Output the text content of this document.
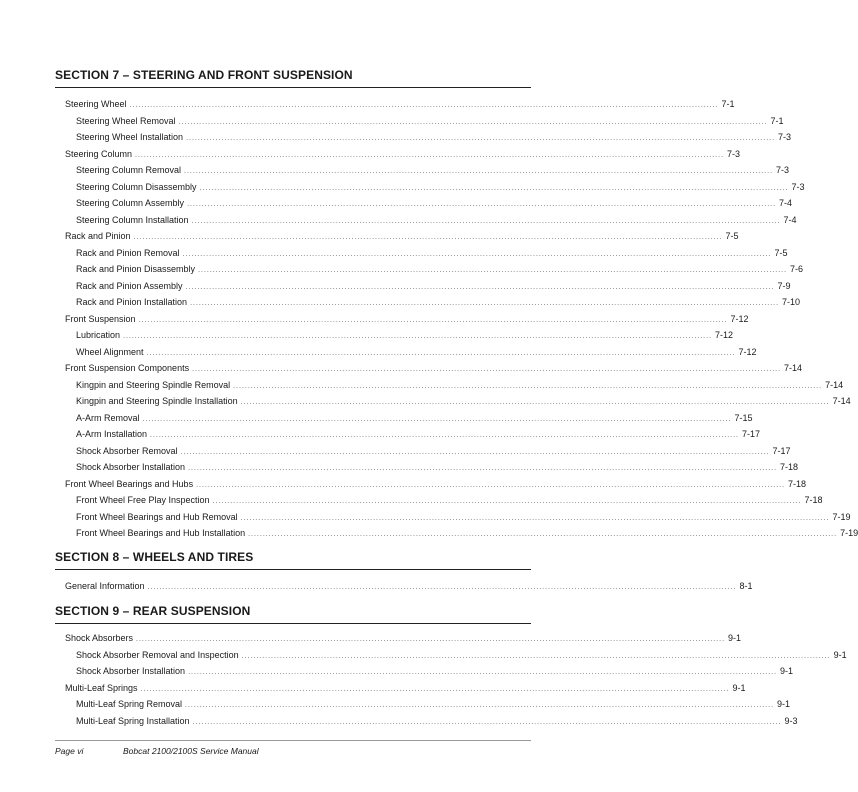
SECTION 7 – STEERING AND FRONT SUSPENSION
Steering Wheel ........................................................................................................................................................................................................ 7-1
Steering Wheel Removal ........................................................................................................................................................................................................ 7-1
Steering Wheel Installation ........................................................................................................................................................................................................ 7-3
Steering Column ........................................................................................................................................................................................................ 7-3
Steering Column Removal ........................................................................................................................................................................................................ 7-3
Steering Column Disassembly ........................................................................................................................................................................................................ 7-3
Steering Column Assembly ........................................................................................................................................................................................................ 7-4
Steering Column Installation ........................................................................................................................................................................................................ 7-4
Rack and Pinion ........................................................................................................................................................................................................ 7-5
Rack and Pinion Removal ........................................................................................................................................................................................................ 7-5
Rack and Pinion Disassembly ........................................................................................................................................................................................................ 7-6
Rack and Pinion Assembly ........................................................................................................................................................................................................ 7-9
Rack and Pinion Installation ........................................................................................................................................................................................................ 7-10
Front Suspension ........................................................................................................................................................................................................ 7-12
Lubrication ........................................................................................................................................................................................................ 7-12
Wheel Alignment ........................................................................................................................................................................................................ 7-12
Front Suspension Components ........................................................................................................................................................................................................ 7-14
Kingpin and Steering Spindle Removal ........................................................................................................................................................................................................ 7-14
Kingpin and Steering Spindle Installation ........................................................................................................................................................................................................ 7-14
A-Arm Removal ........................................................................................................................................................................................................ 7-15
A-Arm Installation ........................................................................................................................................................................................................ 7-17
Shock Absorber Removal ........................................................................................................................................................................................................ 7-17
Shock Absorber Installation ........................................................................................................................................................................................................ 7-18
Front Wheel Bearings and Hubs ........................................................................................................................................................................................................ 7-18
Front Wheel Free Play Inspection ........................................................................................................................................................................................................ 7-18
Front Wheel Bearings and Hub Removal ........................................................................................................................................................................................................ 7-19
Front Wheel Bearings and Hub Installation ........................................................................................................................................................................................................ 7-19
SECTION 8 – WHEELS AND TIRES
General Information ........................................................................................................................................................................................................ 8-1
SECTION 9 – REAR SUSPENSION
Shock Absorbers ........................................................................................................................................................................................................ 9-1
Shock Absorber Removal and Inspection ........................................................................................................................................................................................................ 9-1
Shock Absorber Installation ........................................................................................................................................................................................................ 9-1
Multi-Leaf Springs ........................................................................................................................................................................................................ 9-1
Multi-Leaf Spring Removal ........................................................................................................................................................................................................ 9-1
Multi-Leaf Spring Installation ........................................................................................................................................................................................................ 9-3
Page vi	Bobcat 2100/2100S Service Manual
